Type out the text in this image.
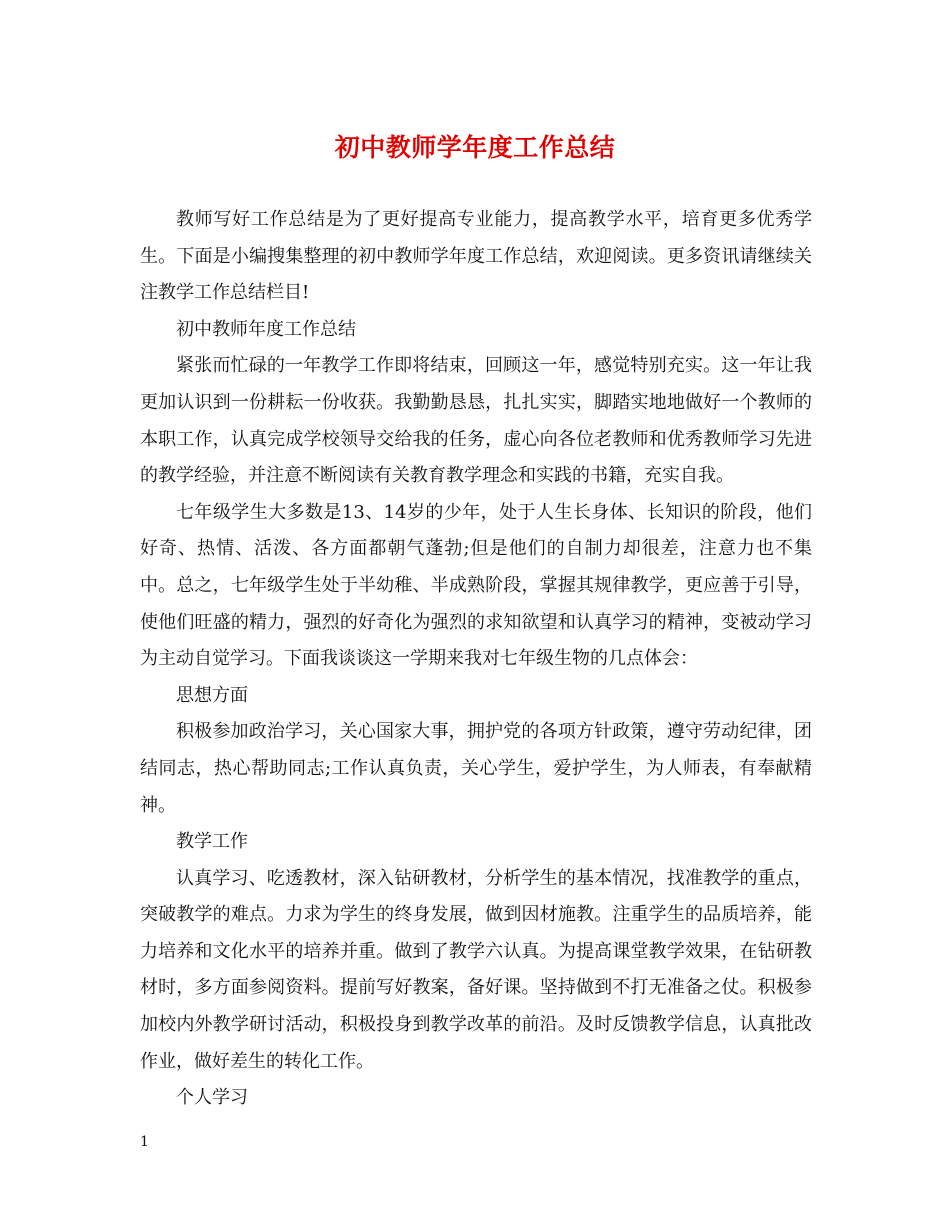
初中教师学年度工作总结

教师写好工作总结是为了更好提高专业能力，提高教学水平，培育更多优秀学生。下面是小编搜集整理的初中教师学年度工作总结，欢迎阅读。更多资讯请继续关注教学工作总结栏目!

初中教师年度工作总结

紧张而忙碌的一年教学工作即将结束，回顾这一年，感觉特别充实。这一年让我更加认识到一份耕耘一份收获。我勤勤恳恳，扎扎实实，脚踏实地地做好一个教师的本职工作，认真完成学校领导交给我的任务，虚心向各位老教师和优秀教师学习先进的教学经验，并注意不断阅读有关教育教学理念和实践的书籍，充实自我。

七年级学生大多数是13、14岁的少年，处于人生长身体、长知识的阶段，他们好奇、热情、活泼、各方面都朝气蓬勃;但是他们的自制力却很差，注意力也不集中。总之，七年级学生处于半幼稚、半成熟阶段，掌握其规律教学，更应善于引导，使他们旺盛的精力，强烈的好奇化为强烈的求知欲望和认真学习的精神，变被动学习为主动自觉学习。下面我谈谈这一学期来我对七年级生物的几点体会：

思想方面

积极参加政治学习，关心国家大事，拥护党的各项方针政策，遵守劳动纪律，团结同志，热心帮助同志;工作认真负责，关心学生，爱护学生，为人师表，有奉献精神。

教学工作

认真学习、吃透教材，深入钻研教材，分析学生的基本情况，找准教学的重点，突破教学的难点。力求为学生的终身发展，做到因材施教。注重学生的品质培养，能力培养和文化水平的培养并重。做到了教学六认真。为提高课堂教学效果，在钻研教材时，多方面参阅资料。提前写好教案，备好课。坚持做到不打无准备之仗。积极参加校内外教学研讨活动，积极投身到教学改革的前沿。及时反馈教学信息，认真批改作业，做好差生的转化工作。

个人学习

1
